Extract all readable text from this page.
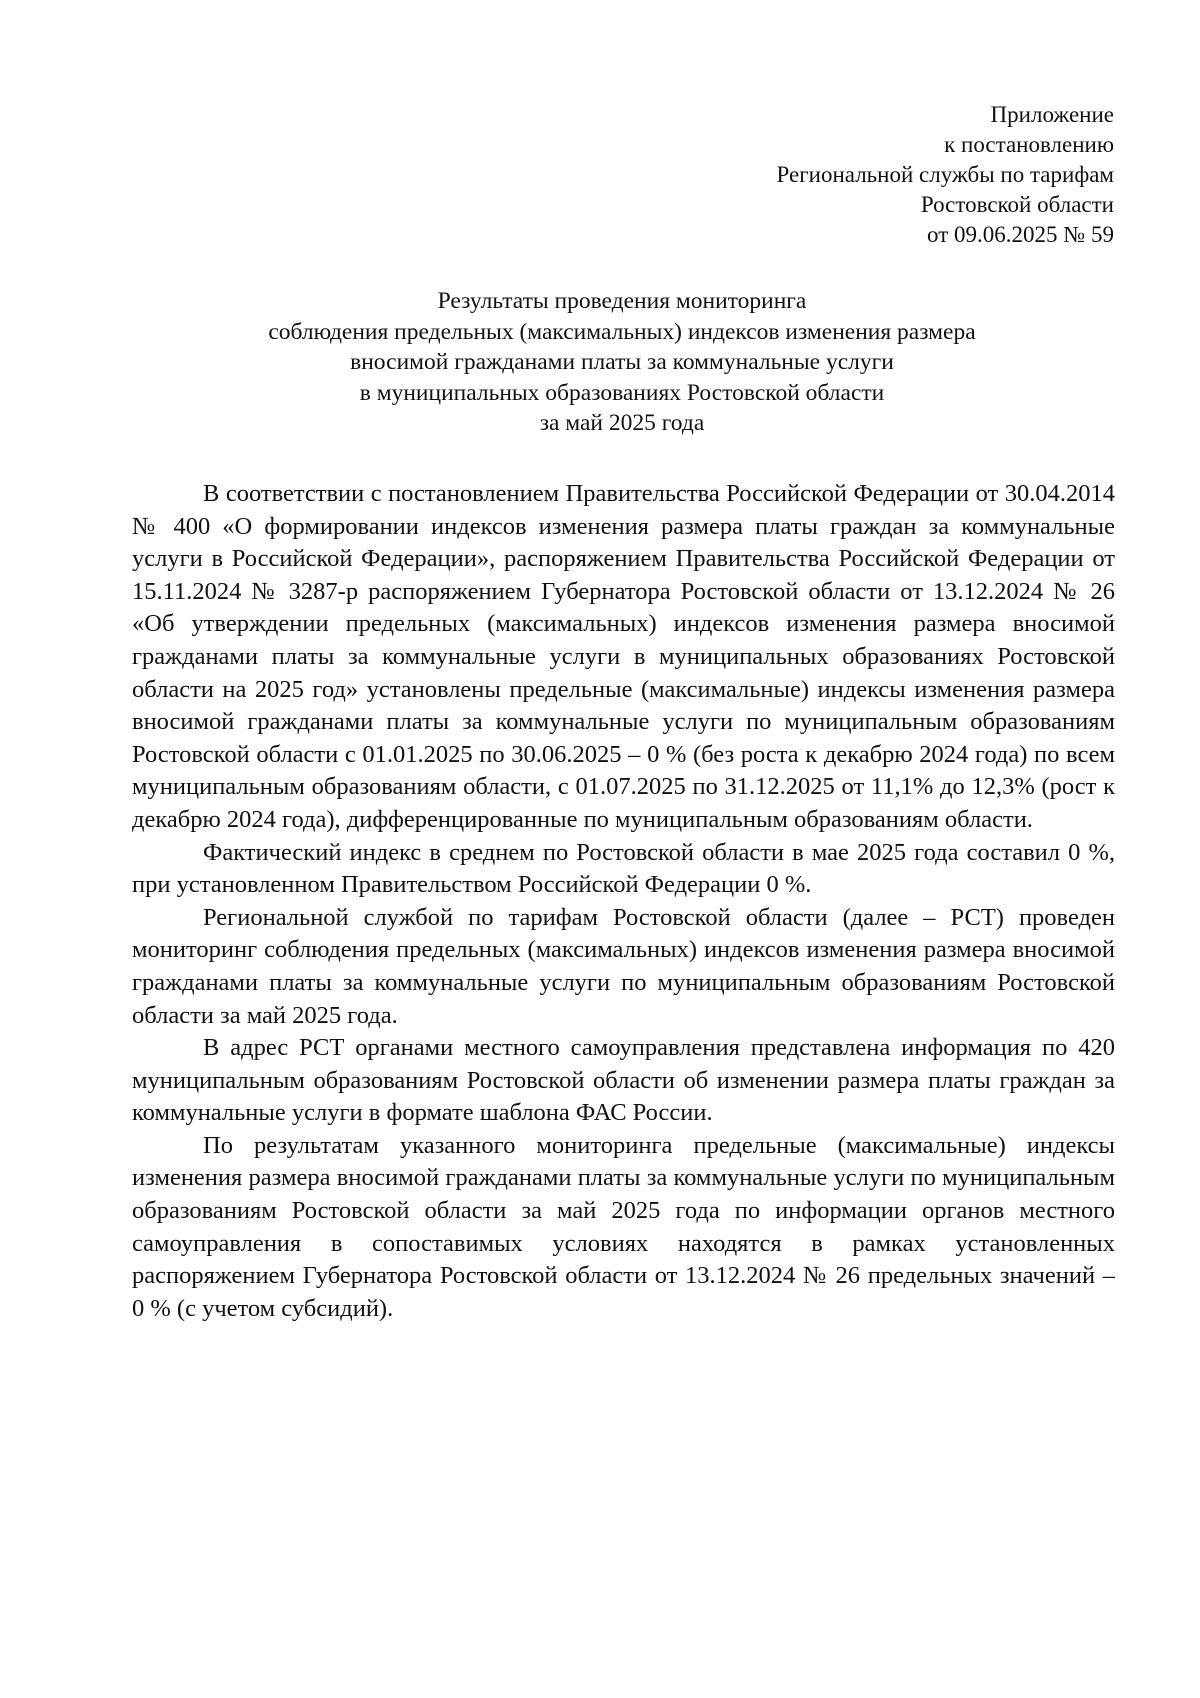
Приложение
к постановлению
Региональной службы по тарифам
Ростовской области
от 09.06.2025 № 59
Результаты проведения мониторинга
соблюдения предельных (максимальных) индексов изменения размера
вносимой гражданами платы за коммунальные услуги
в муниципальных образованиях Ростовской области
за май 2025 года

В соответствии с постановлением Правительства Российской Федерации от 30.04.2014 № 400 «О формировании индексов изменения размера платы граждан за коммунальные услуги в Российской Федерации», распоряжением Правительства Российской Федерации от 15.11.2024 № 3287-р распоряжением Губернатора Ростовской области от 13.12.2024 № 26 «Об утверждении предельных (максимальных) индексов изменения размера вносимой гражданами платы за коммунальные услуги в муниципальных образованиях Ростовской области на 2025 год» установлены предельные (максимальные) индексы изменения размера вносимой гражданами платы за коммунальные услуги по муниципальным образованиям Ростовской области с 01.01.2025 по 30.06.2025 – 0 % (без роста к декабрю 2024 года) по всем муниципальным образованиям области, с 01.07.2025 по 31.12.2025 от 11,1% до 12,3% (рост к декабрю 2024 года), дифференцированные по муниципальным образованиям области.

Фактический индекс в среднем по Ростовской области в мае 2025 года составил 0 %, при установленном Правительством Российской Федерации 0 %.

Региональной службой по тарифам Ростовской области (далее – РСТ) проведен мониторинг соблюдения предельных (максимальных) индексов изменения размера вносимой гражданами платы за коммунальные услуги по муниципальным образованиям Ростовской области за май 2025 года.

В адрес РСТ органами местного самоуправления представлена информация по 420 муниципальным образованиям Ростовской области об изменении размера платы граждан за коммунальные услуги в формате шаблона ФАС России.

По результатам указанного мониторинга предельные (максимальные) индексы изменения размера вносимой гражданами платы за коммунальные услуги по муниципальным образованиям Ростовской области за май 2025 года по информации органов местного самоуправления в сопоставимых условиях находятся в рамках установленных распоряжением Губернатора Ростовской области от 13.12.2024 № 26 предельных значений – 0 % (с учетом субсидий).
